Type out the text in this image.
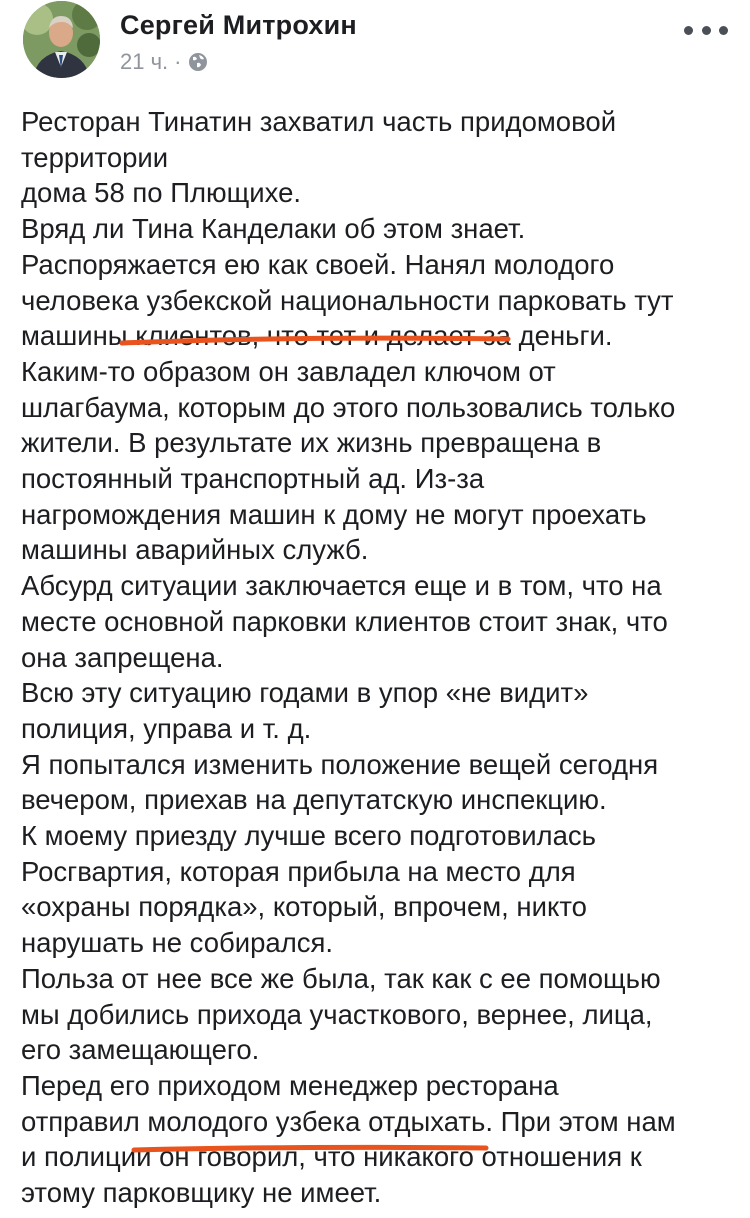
Сергей Митрохин
21 ч. ·

Ресторан Тинатин захватил часть придомовой

территории

дома 58 по Плющихе.

Вряд ли Тина Канделаки об этом знает.

Распоряжается ею как своей. Нанял молодого

человека узбекской национальности парковать тут

машины клиентов, что тот и делает за деньги.

Каким-то образом он завладел ключом от

шлагбаума, которым до этого пользовались только

жители. В результате их жизнь превращена в

постоянный транспортный ад. Из-за

нагромождения машин к дому не могут проехать

машины аварийных служб.

Абсурд ситуации заключается еще и в том, что на

месте основной парковки клиентов стоит знак, что

она запрещена.

Всю эту ситуацию годами в упор «не видит»

полиция, управа и т. д.

Я попытался изменить положение вещей сегодня

вечером, приехав на депутатскую инспекцию.

К моему приезду лучше всего подготовилась

Росгвартия, которая прибыла на место для

«охраны порядка», который, впрочем, никто

нарушать не собирался.

Польза от нее все же была, так как с ее помощью

мы добились прихода участкового, вернее, лица,

его замещающего.

Перед его приходом менеджер ресторана

отправил молодого узбека отдыхать. При этом нам

и полиции он говорил, что никакого отношения к

этому парковщику не имеет.
